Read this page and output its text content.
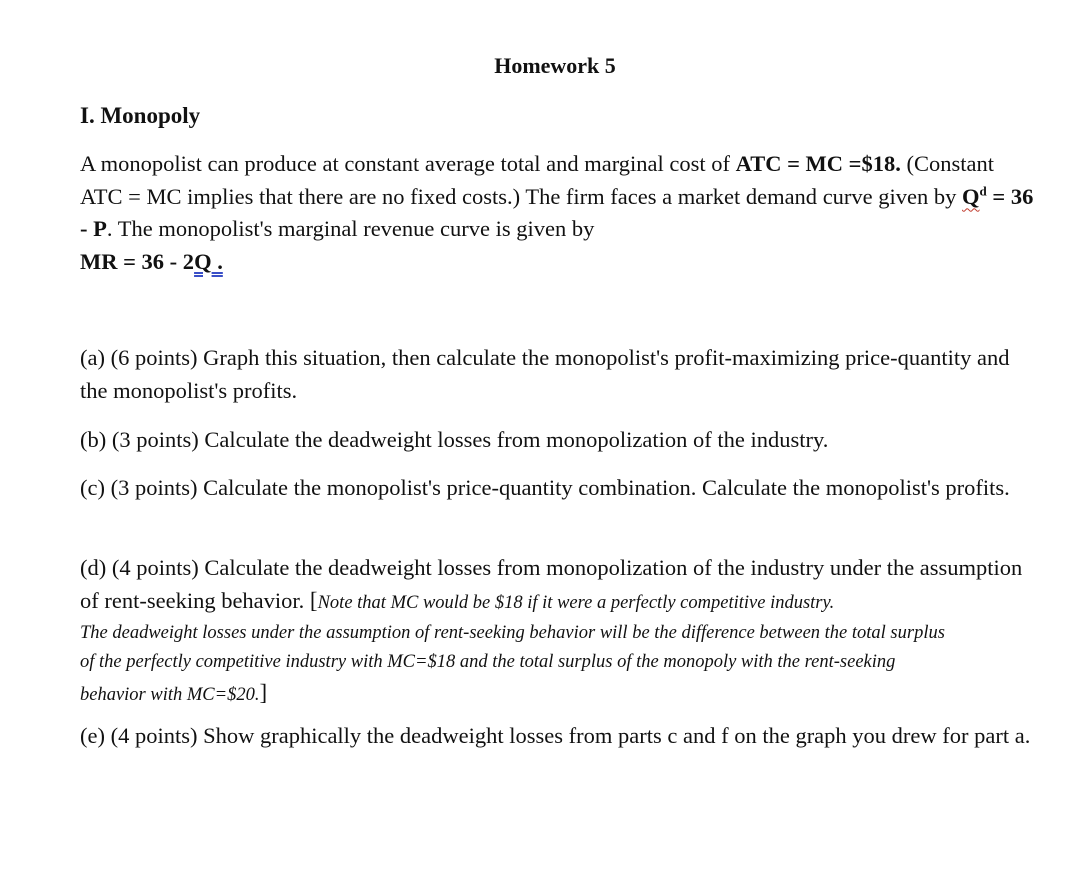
Homework 5
I. Monopoly

A monopolist can produce at constant average total and marginal cost of ATC = MC =$18. (Constant ATC = MC implies that there are no fixed costs.) The firm faces a market demand curve given by $Q^d = 36 - P$. The monopolist's marginal revenue curve is given by
MR = 36 - 2Q .

(a) (6 points) Graph this situation, then calculate the monopolist's profit-maximizing price-quantity and the monopolist's profits.

(b) (3 points) Calculate the deadweight losses from monopolization of the industry.

(c) (3 points) Calculate the monopolist's price-quantity combination. Calculate the monopolist's profits.

(d) (4 points) Calculate the deadweight losses from monopolization of the industry under the assumption of rent-seeking behavior. [Note that MC would be $18 if it were a perfectly competitive industry.
The deadweight losses under the assumption of rent-seeking behavior will be the difference between the total surplus
of the perfectly competitive industry with MC=$18 and the total surplus of the monopoly with the rent-seeking
behavior with MC=$20.]

(e) (4 points) Show graphically the deadweight losses from parts c and f on the graph you drew for part a.
